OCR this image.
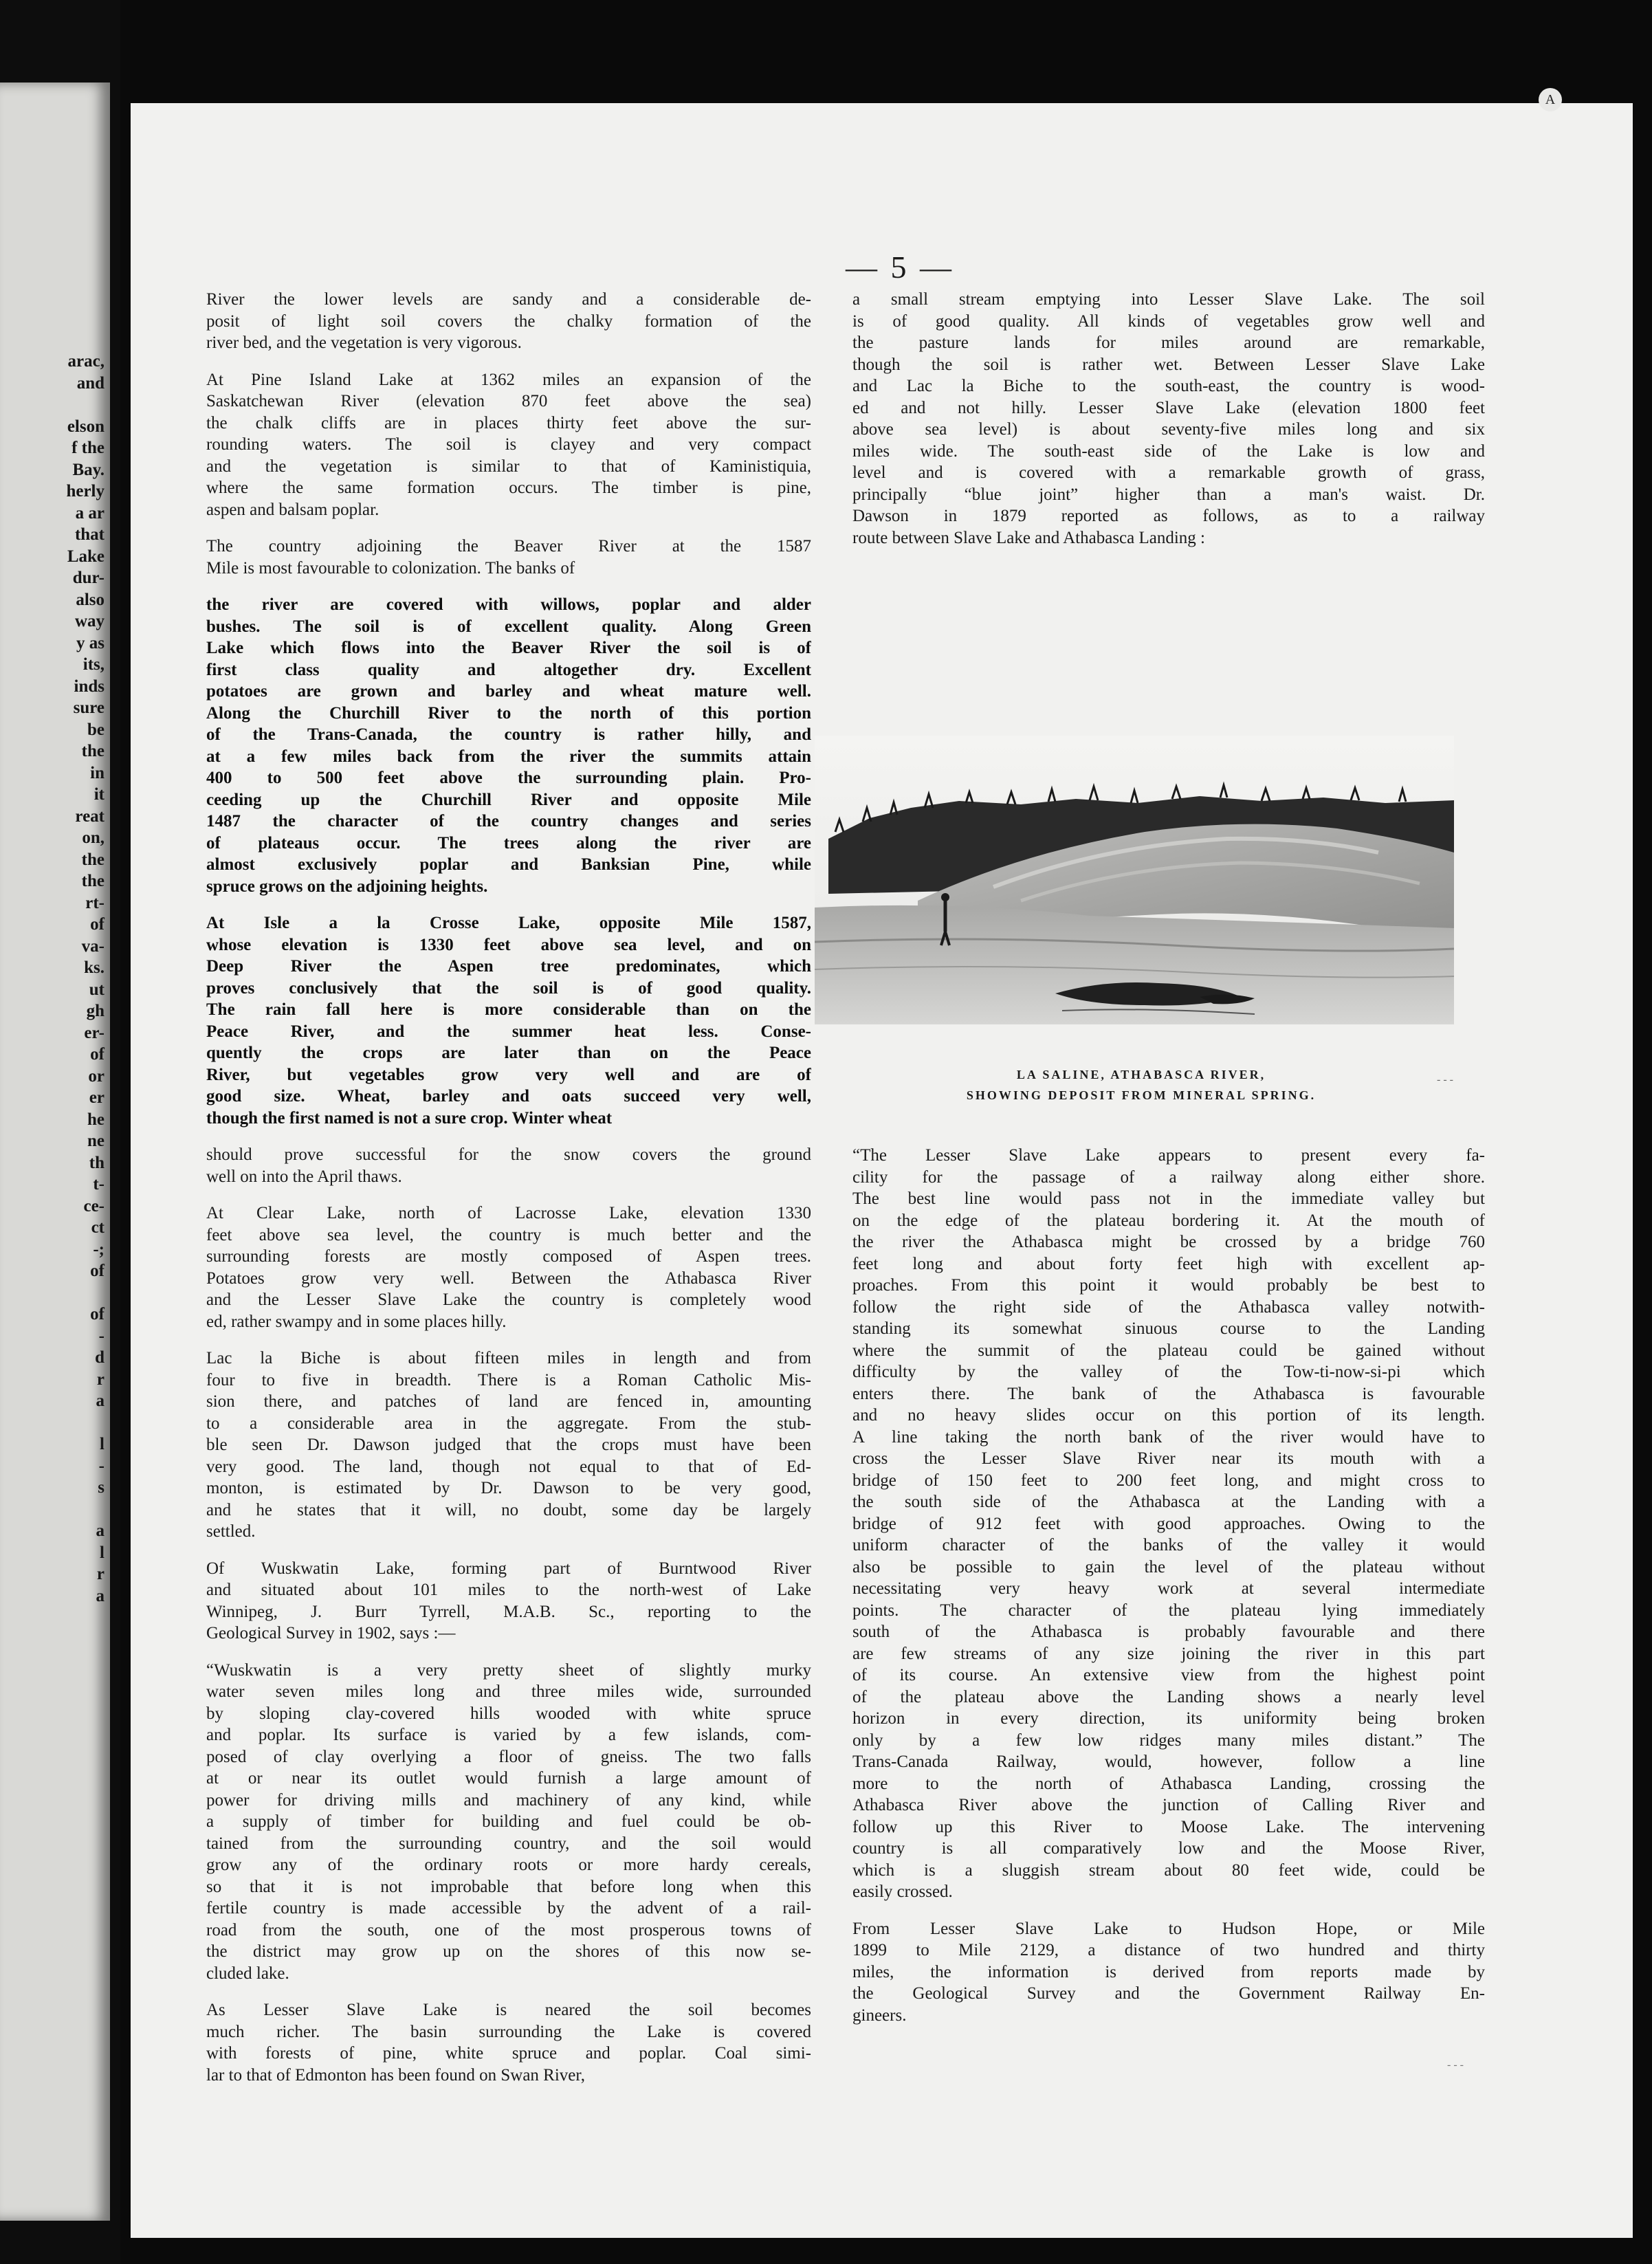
arac,
and
elson
f the
Bay.
herly
a ar
that
Lake
dur-
also
way
y as
its,
inds
sure
be
the
in
it
reat
on,
the
the
rt-
of
va-
ks.
ut
gh
er-
of
or
er
he
ne
th
t-
ce-
ct
-;
of
of
-
d
r
a
l
-
s
a
l
r
a
A
— 5 —
River the lower levels are sandy and a considerable de-
posit of light soil covers the chalky formation of the
river bed, and the vegetation is very vigorous.
At Pine Island Lake at 1362 miles an expansion of the
Saskatchewan River (elevation 870 feet above the sea)
the chalk cliffs are in places thirty feet above the sur-
rounding waters. The soil is clayey and very compact
and the vegetation is similar to that of Kaministiquia,
where the same formation occurs. The timber is pine,
aspen and balsam poplar.
The country adjoining the Beaver River at the 1587
Mile is most favourable to colonization. The banks of
the river are covered with willows, poplar and alder
bushes. The soil is of excellent quality. Along Green
Lake which flows into the Beaver River the soil is of
first class quality and altogether dry. Excellent
potatoes are grown and barley and wheat mature well.
Along the Churchill River to the north of this portion
of the Trans-Canada, the country is rather hilly, and
at a few miles back from the river the summits attain
400 to 500 feet above the surrounding plain. Pro-
ceeding up the Churchill River and opposite Mile
1487 the character of the country changes and series
of plateaus occur. The trees along the river are
almost exclusively poplar and Banksian Pine, while
spruce grows on the adjoining heights.
At Isle a la Crosse Lake, opposite Mile 1587,
whose elevation is 1330 feet above sea level, and on
Deep River the Aspen tree predominates, which
proves conclusively that the soil is of good quality.
The rain fall here is more considerable than on the
Peace River, and the summer heat less. Conse-
quently the crops are later than on the Peace
River, but vegetables grow very well and are of
good size. Wheat, barley and oats succeed very well,
though the first named is not a sure crop. Winter wheat
should prove successful for the snow covers the ground
well on into the April thaws.
At Clear Lake, north of Lacrosse Lake, elevation 1330
feet above sea level, the country is much better and the
surrounding forests are mostly composed of Aspen trees.
Potatoes grow very well. Between the Athabasca River
and the Lesser Slave Lake the country is completely wood
ed, rather swampy and in some places hilly.
Lac la Biche is about fifteen miles in length and from
four to five in breadth. There is a Roman Catholic Mis-
sion there, and patches of land are fenced in, amounting
to a considerable area in the aggregate. From the stub-
ble seen Dr. Dawson judged that the crops must have been
very good. The land, though not equal to that of Ed-
monton, is estimated by Dr. Dawson to be very good,
and he states that it will, no doubt, some day be largely
settled.
Of Wuskwatin Lake, forming part of Burntwood River
and situated about 101 miles to the north-west of Lake
Winnipeg, J. Burr Tyrrell, M.A.B. Sc., reporting to the
Geological Survey in 1902, says :—
“Wuskwatin is a very pretty sheet of slightly murky
water seven miles long and three miles wide, surrounded
by sloping clay-covered hills wooded with white spruce
and poplar. Its surface is varied by a few islands, com-
posed of clay overlying a floor of gneiss. The two falls
at or near its outlet would furnish a large amount of
power for driving mills and machinery of any kind, while
a supply of timber for building and fuel could be ob-
tained from the surrounding country, and the soil would
grow any of the ordinary roots or more hardy cereals,
so that it is not improbable that before long when this
fertile country is made accessible by the advent of a rail-
road from the south, one of the most prosperous towns of
the district may grow up on the shores of this now se-
cluded lake.
As Lesser Slave Lake is neared the soil becomes
much richer. The basin surrounding the Lake is covered
with forests of pine, white spruce and poplar. Coal simi-
lar to that of Edmonton has been found on Swan River,
a small stream emptying into Lesser Slave Lake. The soil
is of good quality. All kinds of vegetables grow well and
the pasture lands for miles around are remarkable,
though the soil is rather wet. Between Lesser Slave Lake
and Lac la Biche to the south-east, the country is wood-
ed and not hilly. Lesser Slave Lake (elevation 1800 feet
above sea level) is about seventy-five miles long and six
miles wide. The south-east side of the Lake is low and
level and is covered with a remarkable growth of grass,
principally “blue joint” higher than a man's waist. Dr.
Dawson in 1879 reported as follows, as to a railway
route between Slave Lake and Athabasca Landing :
LA SALINE, ATHABASCA RIVER,
SHOWING DEPOSIT FROM MINERAL SPRING.
- - -
“The Lesser Slave Lake appears to present every fa-
cility for the passage of a railway along either shore.
The best line would pass not in the immediate valley but
on the edge of the plateau bordering it. At the mouth of
the river the Athabasca might be crossed by a bridge 760
feet long and about forty feet high with excellent ap-
proaches. From this point it would probably be best to
follow the right side of the Athabasca valley notwith-
standing its somewhat sinuous course to the Landing
where the summit of the plateau could be gained without
difficulty by the valley of the Tow-ti-now-si-pi which
enters there. The bank of the Athabasca is favourable
and no heavy slides occur on this portion of its length.
A line taking the north bank of the river would have to
cross the Lesser Slave River near its mouth with a
bridge of 150 feet to 200 feet long, and might cross to
the south side of the Athabasca at the Landing with a
bridge of 912 feet with good approaches. Owing to the
uniform character of the banks of the valley it would
also be possible to gain the level of the plateau without
necessitating very heavy work at several intermediate
points. The character of the plateau lying immediately
south of the Athabasca is probably favourable and there
are few streams of any size joining the river in this part
of its course. An extensive view from the highest point
of the plateau above the Landing shows a nearly level
horizon in every direction, its uniformity being broken
only by a few low ridges many miles distant.” The
Trans-Canada Railway, would, however, follow a line
more to the north of Athabasca Landing, crossing the
Athabasca River above the junction of Calling River and
follow up this River to Moose Lake. The intervening
country is all comparatively low and the Moose River,
which is a sluggish stream about 80 feet wide, could be
easily crossed.
From Lesser Slave Lake to Hudson Hope, or Mile
1899 to Mile 2129, a distance of two hundred and thirty
miles, the information is derived from reports made by
the Geological Survey and the Government Railway En-
gineers.
- - -
